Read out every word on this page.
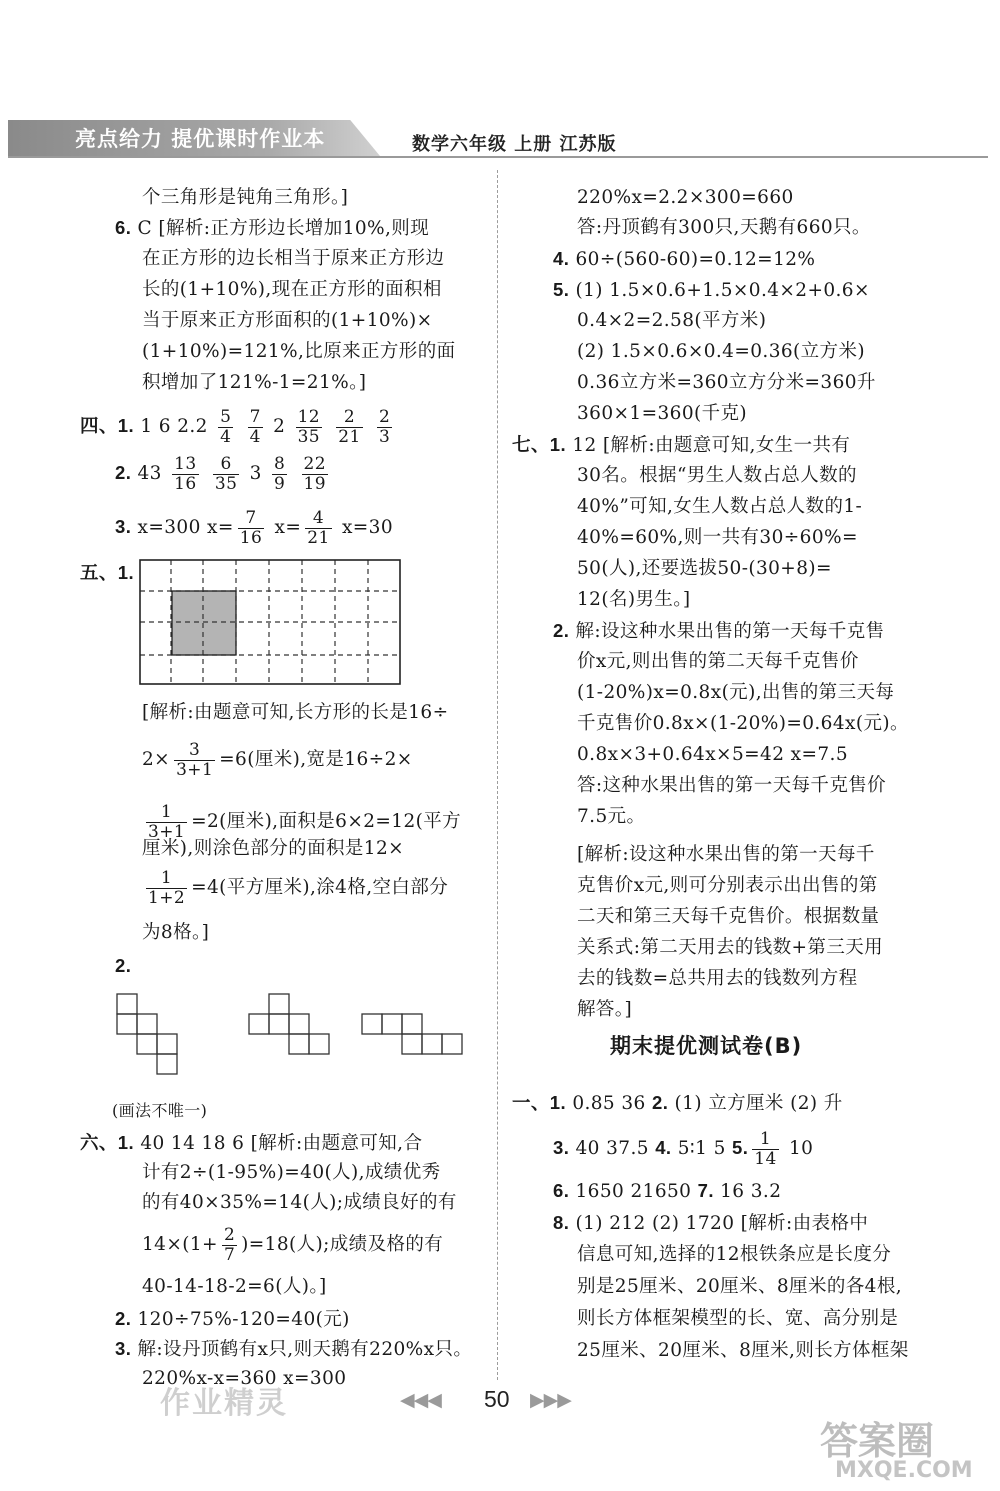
亮点给力 提优课时作业本	数学六年级 上册 江苏版
个三角形是钝角三角形。]
6. C [解析:正方形边长增加10%,则现
在正方形的边长相当于原来正方形边
长的(1+10%),现在正方形的面积相
当于原来正方形面积的(1+10%)×
(1+10%)=121%,比原来正方形的面
积增加了121%-1=21%。]
四、1. 1 6 $2.2 \frac{5}{4}$
$\frac{7}{4} 2 \frac{12}{35}$
$\frac{2}{21}$
$\frac{2}{3}$
2. $43 \frac{13}{16}$
$\frac{6}{35} 3 \frac{8}{9}$
$\frac{22}{19}$
3. x=300 $x= \frac{7}{16} x= \frac{4}{21} x=30$
五、1.
[解析:由题意可知,长方形的长是16÷
$2\times \frac{3}{3+1} =6$(厘米),宽是16÷2×
$\frac{1}{3+1} =2$(厘米),面积是6×2=12(平方
厘米),则涂色部分的面积是12×
$\frac{1}{1+2} =4$(平方厘米),涂4格,空白部分
为8格。]
2.
(画法不唯一)
六、1. 40 14 18 6 [解析:由题意可知,合
计有2÷(1-95%)=40(人),成绩优秀
的有40×35%=14(人);成绩良好的有
$14\times(1+ \frac{2}{7} )=18$(人);成绩及格的有
40-14-18-2=6(人)。]
2. 120÷75%-120=40(元)
3. 解:设丹顶鹤有x只,则天鹅有220%x只。
220%x-x=360 x=300
220%x=2.2×300=660
答:丹顶鹤有300只,天鹅有660只。
4. 60÷(560-60)=0.12=12%
5. (1) 1.5×0.6+1.5×0.4×2+0.6×
0.4×2=2.58(平方米)
(2) 1.5×0.6×0.4=0.36(立方米)
0.36立方米=360立方分米=360升
360×1=360(千克)
七、1. 12 [解析:由题意可知,女生一共有
30名。根据“男生人数占总人数的
40%”可知,女生人数占总人数的1-
40%=60%,则一共有30÷60%=
50(人),还要选拔50-(30+8)=
12(名)男生。]
2. 解:设这种水果出售的第一天每千克售
价x元,则出售的第二天每千克售价
(1-20%)x=0.8x(元),出售的第三天每
千克售价0.8x×(1-20%)=0.64x(元)。
0.8x×3+0.64x×5=42 x=7.5
答:这种水果出售的第一天每千克售价
7.5元。
[解析:设这种水果出售的第一天每千
克售价x元,则可分别表示出出售的第
二天和第三天每千克售价。根据数量
关系式:第二天用去的钱数+第三天用
去的钱数=总共用去的钱数列方程
解答。]
期末提优测试卷(B)
一、1. 0.85 36 2. (1) 立方厘米 (2) 升
3. 40 37.5 4. 5∶1 5 5. $\frac{1}{14} 10$
6. 1650 21650 7. 16 3.2
8. (1) 212 (2) 1720 [解析:由表格中
信息可知,选择的12根铁条应是长度分
别是25厘米、20厘米、8厘米的各4根,
则长方体框架模型的长、宽、高分别是
25厘米、20厘米、8厘米,则长方体框架
◀◀◀ 50 ▶▶▶
作业精灵
答案圈
MXQE.COM
